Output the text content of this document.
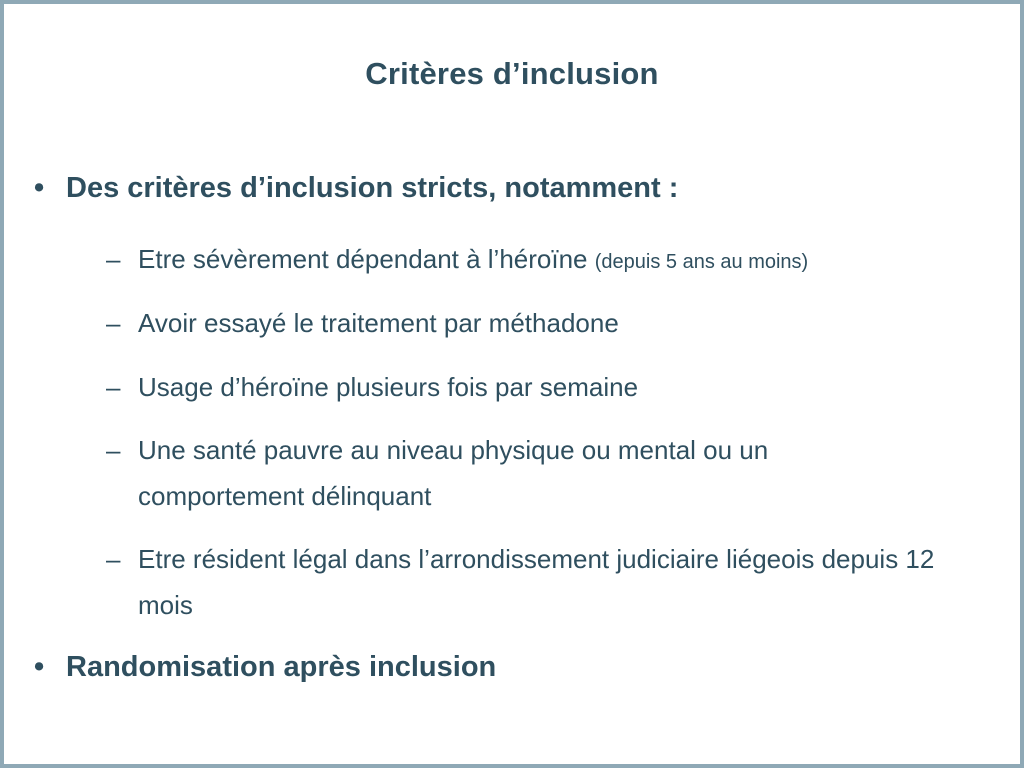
Critères d’inclusion
• Des critères d’inclusion stricts, notamment :
– Etre sévèrement dépendant à l’héroïne (depuis 5 ans au moins)
– Avoir essayé le traitement par méthadone
– Usage d’héroïne plusieurs fois par semaine
– Une santé pauvre au niveau physique ou mental ou un comportement délinquant
– Etre résident légal dans l’arrondissement judiciaire liégeois depuis 12 mois
• Randomisation après inclusion
